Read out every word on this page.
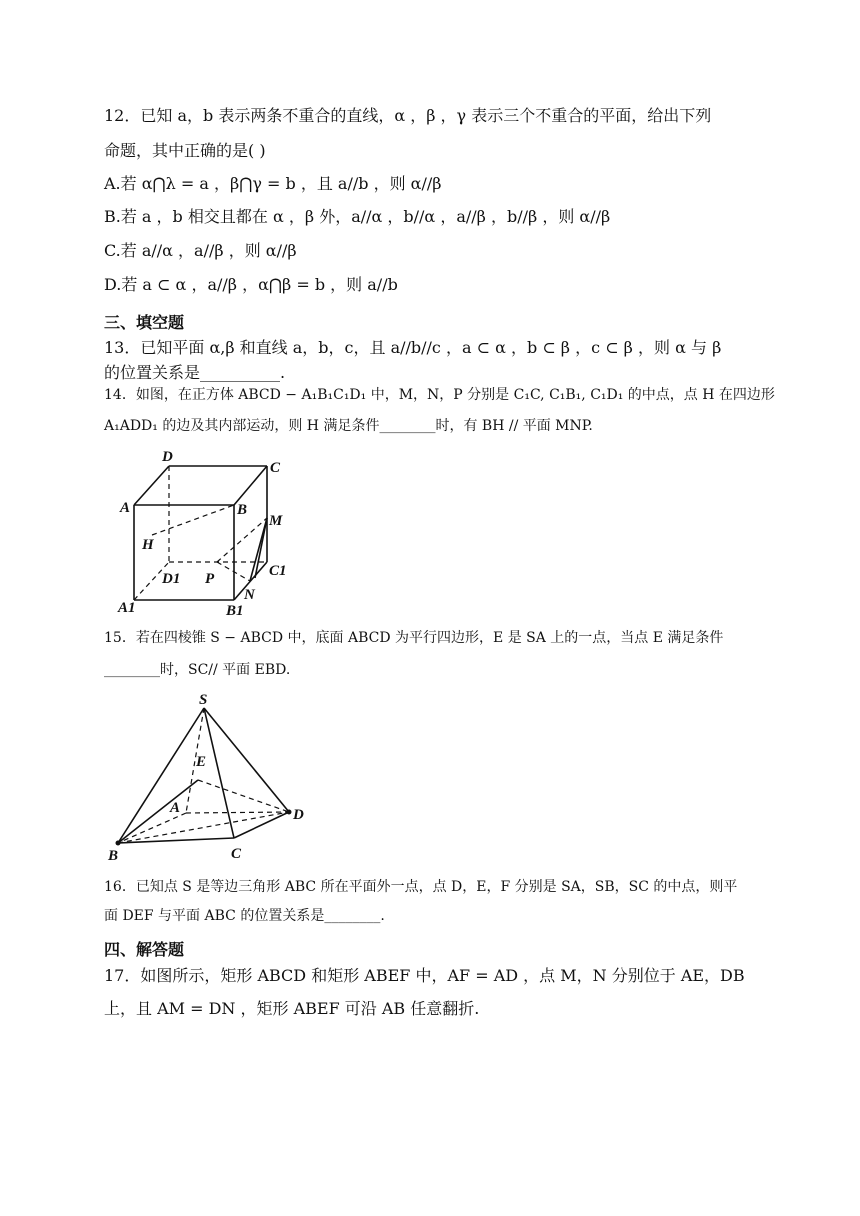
12．已知 a，b 表示两条不重合的直线，α ，β ，γ 表示三个不重合的平面，给出下列
命题，其中正确的是( )
A.若 α⋂λ = a ，β⋂γ = b ，且 a//b ，则 α//β
B.若 a ，b 相交且都在 α ，β 外，a//α ，b//α ，a//β ，b//β ，则 α//β
C.若 a//α ，a//β ，则 α//β
D.若 a ⊂ α ，a//β ，α⋂β = b ，则 a//b
三、填空题
13．已知平面 α,β 和直线 a，b，c，且 a//b//c ，a ⊂ α ，b ⊂ β ，c ⊂ β ，则 α 与 β
的位置关系是__________.
14．如图，在正方体 ABCD − A₁B₁C₁D₁ 中，M，N，P 分别是 C₁C, C₁B₁, C₁D₁ 的中点，点 H 在四边形
A₁ADD₁ 的边及其内部运动，则 H 满足条件________时，有 BH // 平面 MNP.
D
C
A	B
M
H
D1 P	C1
N
A1	B1
15．若在四棱锥 S − ABCD 中，底面 ABCD 为平行四边形，E 是 SA 上的一点，当点 E 满足条件
________时，SC// 平面 EBD.
S
E
A	D
B	C
16．已知点 S 是等边三角形 ABC 所在平面外一点，点 D，E，F 分别是 SA，SB，SC 的中点，则平
面 DEF 与平面 ABC 的位置关系是________.
四、解答题
17．如图所示，矩形 ABCD 和矩形 ABEF 中，AF = AD ，点 M，N 分别位于 AE，DB
上，且 AM = DN ，矩形 ABEF 可沿 AB 任意翻折.
